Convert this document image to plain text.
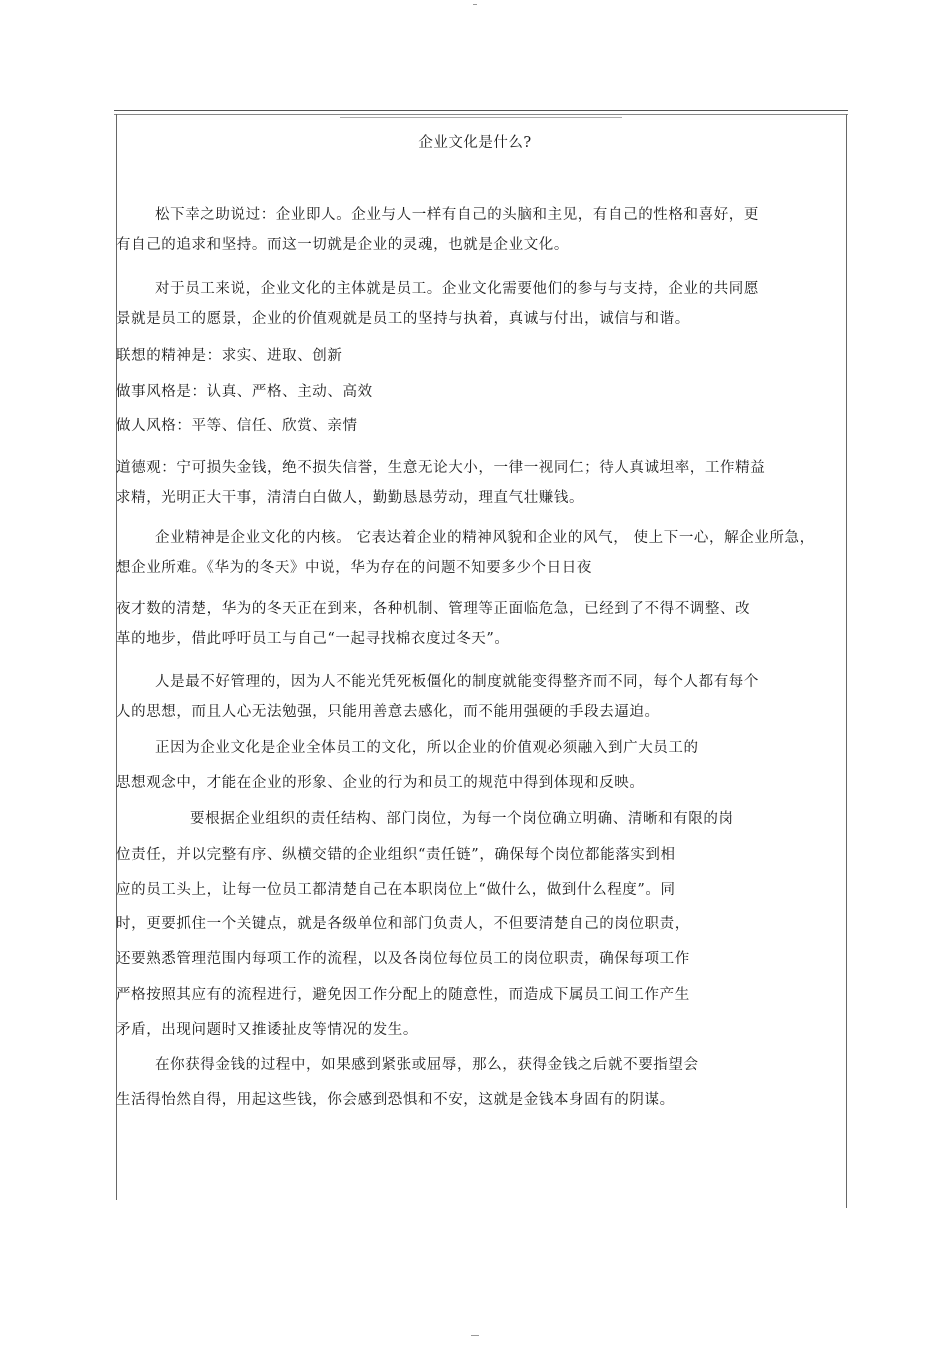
企业文化是什么?
松下幸之助说过：企业即人。企业与人一样有自己的头脑和主见，有自己的性格和喜好，更
有自己的追求和坚持。而这一切就是企业的灵魂，也就是企业文化。
对于员工来说，企业文化的主体就是员工。企业文化需要他们的参与与支持，企业的共同愿
景就是员工的愿景，企业的价值观就是员工的坚持与执着，真诚与付出，诚信与和谐。
联想的精神是：求实、进取、创新
做事风格是：认真、严格、主动、高效
做人风格：平等、信任、欣赏、亲情
道德观：宁可损失金钱，绝不损失信誉，生意无论大小，一律一视同仁；待人真诚坦率，工作精益
求精，光明正大干事，清清白白做人，勤勤恳恳劳动，理直气壮赚钱。
企业精神是企业文化的内核。 它表达着企业的精神风貌和企业的风气， 使上下一心，解企业所急，
想企业所难。《华为的冬天》中说，华为存在的问题不知要多少个日日夜
夜才数的清楚，华为的冬天正在到来，各种机制、管理等正面临危急，已经到了不得不调整、改
革的地步，借此呼吁员工与自己“一起寻找棉衣度过冬天”。
人是最不好管理的，因为人不能光凭死板僵化的制度就能变得整齐而不同，每个人都有每个
人的思想，而且人心无法勉强，只能用善意去感化，而不能用强硬的手段去逼迫。
正因为企业文化是企业全体员工的文化，所以企业的价值观必须融入到广大员工的
思想观念中，才能在企业的形象、企业的行为和员工的规范中得到体现和反映。
要根据企业组织的责任结构、部门岗位，为每一个岗位确立明确、清晰和有限的岗
位责任，并以完整有序、纵横交错的企业组织“责任链”，确保每个岗位都能落实到相
应的员工头上，让每一位员工都清楚自己在本职岗位上“做什么，做到什么程度”。同
时，更要抓住一个关键点，就是各级单位和部门负责人，不但要清楚自己的岗位职责，
还要熟悉管理范围内每项工作的流程，以及各岗位每位员工的岗位职责，确保每项工作
严格按照其应有的流程进行，避免因工作分配上的随意性，而造成下属员工间工作产生
矛盾，出现问题时又推诿扯皮等情况的发生。
在你获得金钱的过程中，如果感到紧张或屈辱，那么，获得金钱之后就不要指望会
生活得怡然自得，用起这些钱，你会感到恐惧和不安，这就是金钱本身固有的阴谋。
